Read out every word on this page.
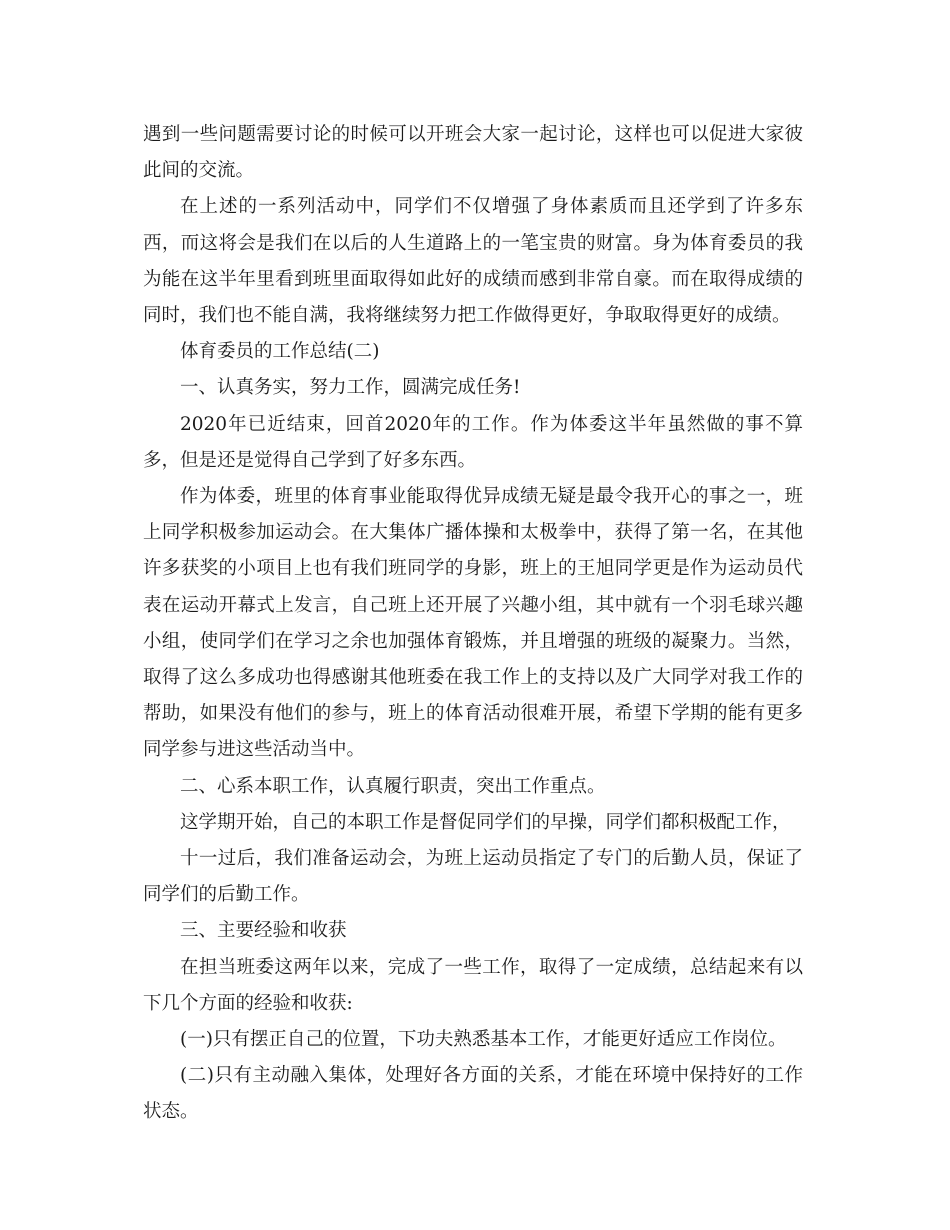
遇到一些问题需要讨论的时候可以开班会大家一起讨论，这样也可以促进大家彼此间的交流。

在上述的一系列活动中，同学们不仅增强了身体素质而且还学到了许多东西，而这将会是我们在以后的人生道路上的一笔宝贵的财富。身为体育委员的我为能在这半年里看到班里面取得如此好的成绩而感到非常自豪。而在取得成绩的同时，我们也不能自满，我将继续努力把工作做得更好，争取取得更好的成绩。

体育委员的工作总结(二)

一、认真务实，努力工作，圆满完成任务!

2020年已近结束，回首2020年的工作。作为体委这半年虽然做的事不算多，但是还是觉得自己学到了好多东西。

作为体委，班里的体育事业能取得优异成绩无疑是最令我开心的事之一，班上同学积极参加运动会。在大集体广播体操和太极拳中，获得了第一名，在其他许多获奖的小项目上也有我们班同学的身影，班上的王旭同学更是作为运动员代表在运动开幕式上发言，自己班上还开展了兴趣小组，其中就有一个羽毛球兴趣小组，使同学们在学习之余也加强体育锻炼，并且增强的班级的凝聚力。当然，取得了这么多成功也得感谢其他班委在我工作上的支持以及广大同学对我工作的帮助，如果没有他们的参与，班上的体育活动很难开展，希望下学期的能有更多同学参与进这些活动当中。

二、心系本职工作，认真履行职责，突出工作重点。

这学期开始，自己的本职工作是督促同学们的早操，同学们都积极配工作，

十一过后，我们准备运动会，为班上运动员指定了专门的后勤人员，保证了同学们的后勤工作。

三、主要经验和收获

在担当班委这两年以来，完成了一些工作，取得了一定成绩，总结起来有以下几个方面的经验和收获:

(一)只有摆正自己的位置，下功夫熟悉基本工作，才能更好适应工作岗位。

(二)只有主动融入集体，处理好各方面的关系，才能在环境中保持好的工作状态。
